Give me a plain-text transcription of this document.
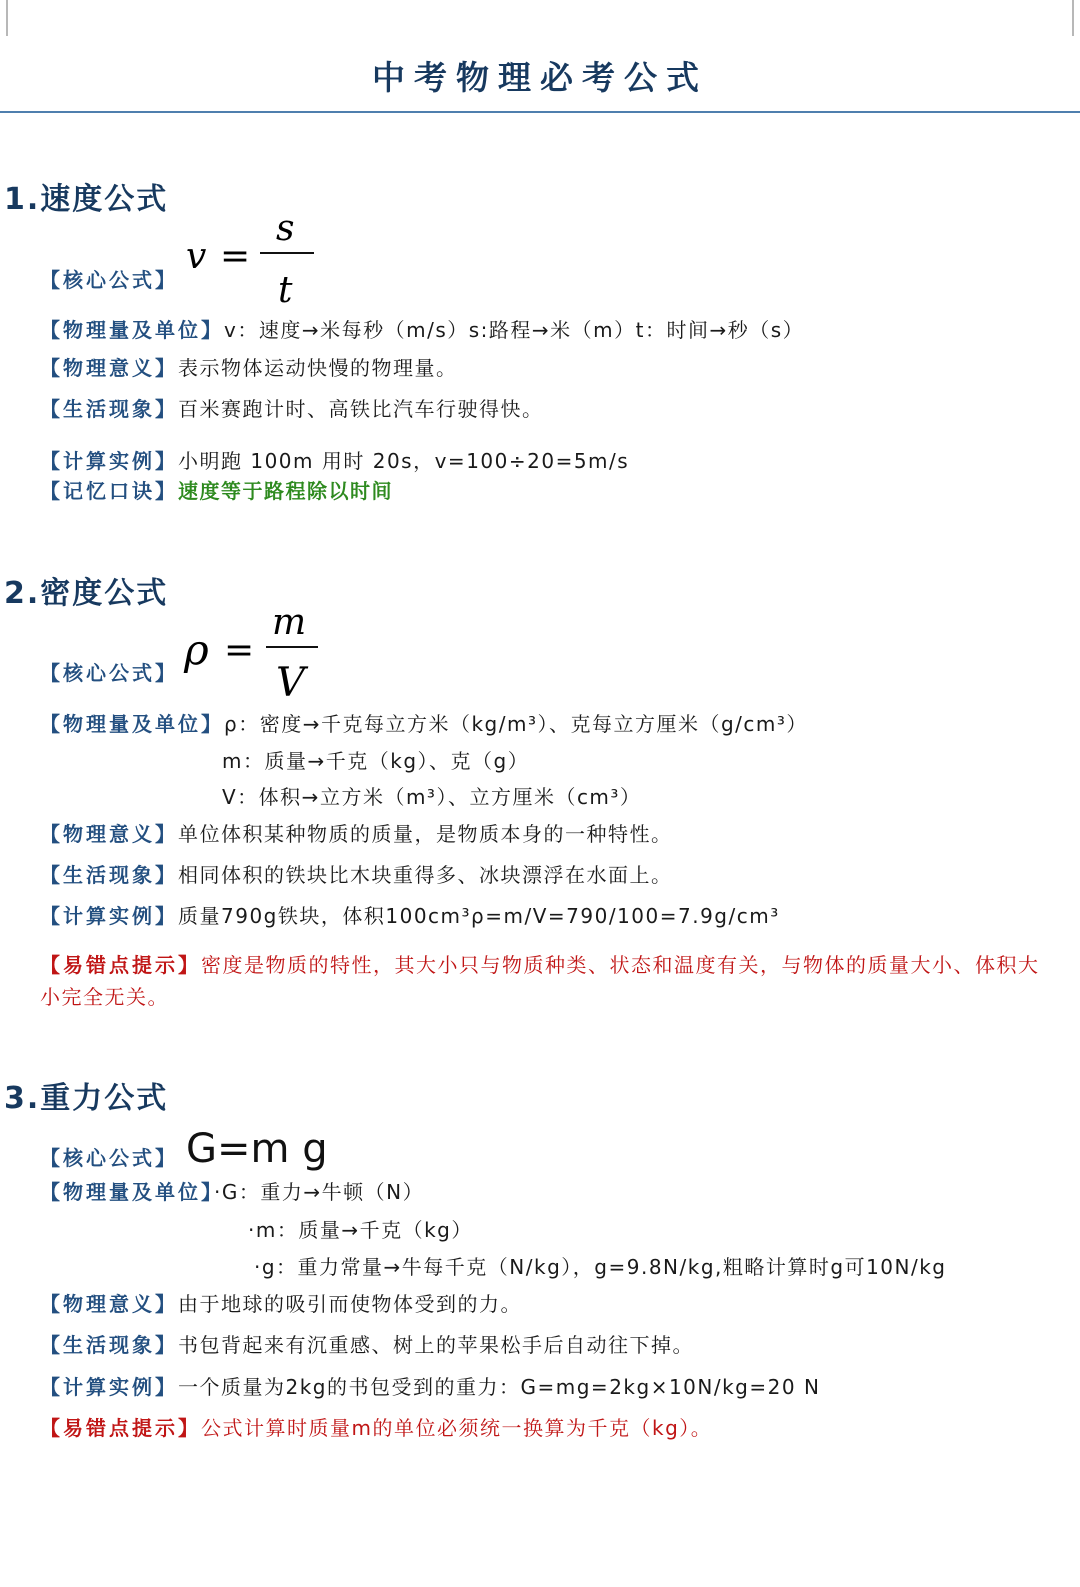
中考物理必考公式
1.速度公式
【核心公式】
v =
s
t
【物理量及单位】v：速度→米每秒（m/s）s:路程→米（m）t：时间→秒（s）
【物理意义】表示物体运动快慢的物理量。
【生活现象】百米赛跑计时、高铁比汽车行驶得快。
【计算实例】小明跑 100m 用时 20s，v=100÷20=5m/s
【记忆口诀】速度等于路程除以时间
2.密度公式
【核心公式】 ρ =
m
V
【物理量及单位】ρ：密度→千克每立方米（kg/m³）、克每立方厘米（g/cm³）
m：质量→千克（kg）、克（g）
V：体积→立方米（m³）、立方厘米（cm³）
【物理意义】单位体积某种物质的质量，是物质本身的一种特性。
【生活现象】相同体积的铁块比木块重得多、冰块漂浮在水面上。
【计算实例】质量790g铁块，体积100cm³ρ=m/V=790/100=7.9g/cm³
【易错点提示】密度是物质的特性，其大小只与物质种类、状态和温度有关，与物体的质量大小、体积大小完全无关。
3.重力公式
【核心公式】 G=m g
【物理量及单位】·G：重力→牛顿（N）
·m：质量→千克（kg）
·g：重力常量→牛每千克（N/kg），g=9.8N/kg,粗略计算时g可10N/kg
【物理意义】由于地球的吸引而使物体受到的力。
【生活现象】书包背起来有沉重感、树上的苹果松手后自动往下掉。
【计算实例】一个质量为2kg的书包受到的重力：G=mg=2kg×10N/kg=20 N
【易错点提示】公式计算时质量m的单位必须统一换算为千克（kg）。
